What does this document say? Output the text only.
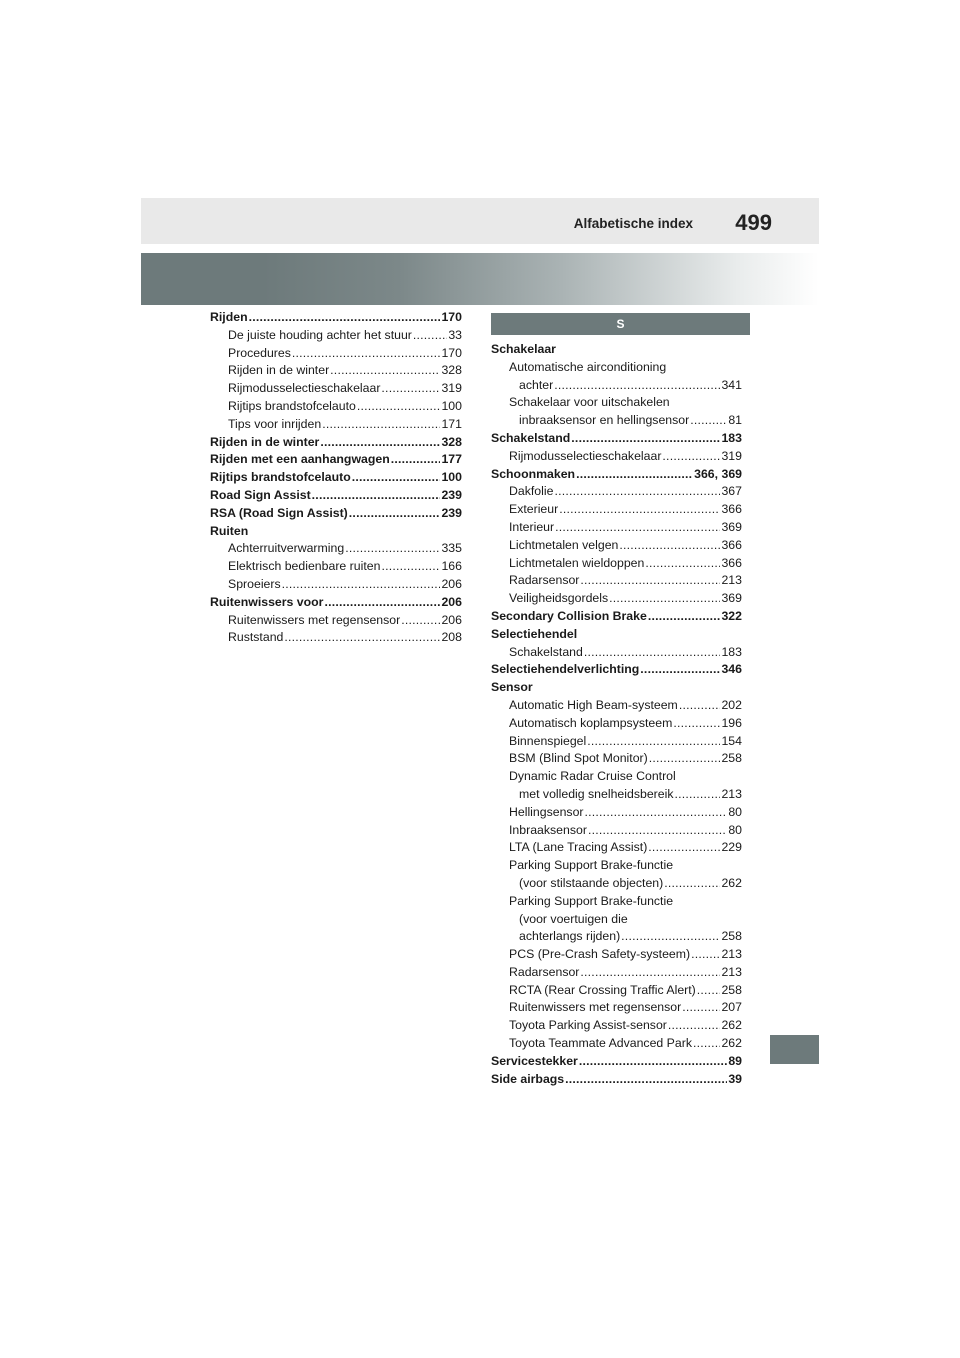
Alfabetische index 499
Rijden . . .	170
De juiste houding achter het stuur . . .	33
Procedures . . .	170
Rijden in de winter . . .	328
Rijmodusselectieschakelaar . . .	319
Rijtips brandstofcelauto . . .	100
Tips voor inrijden . . .	171
Rijden in de winter . . .	328
Rijden met een aanhangwagen . . .	177
Rijtips brandstofcelauto . . .	100
Road Sign Assist . . .	239
RSA (Road Sign Assist) . . .	239
Ruiten
Achterruitverwarming . . .	335
Elektrisch bedienbare ruiten . . .	166
Sproeiers . . .	206
Ruitenwissers voor . . .	206
Ruitenwissers met regensensor . . .	206
Ruststand . . .	208
S
Schakelaar
Automatische airconditioning
achter . . .	341
Schakelaar voor uitschakelen
inbraaksensor en hellingsensor . . .	81
Schakelstand . . .	183
Rijmodusselectieschakelaar . . .	319
Schoonmaken . . .	366, 369
Dakfolie . . .	367
Exterieur . . .	366
Interieur . . .	369
Lichtmetalen velgen . . .	366
Lichtmetalen wieldoppen . . .	366
Radarsensor . . .	213
Veiligheidsgordels . . .	369
Secondary Collision Brake . . .	322
Selectiehendel
Schakelstand . . .	183
Selectiehendelverlichting . . .	346
Sensor
Automatic High Beam-systeem . . .	202
Automatisch koplampsysteem . . .	196
Binnenspiegel . . .	154
BSM (Blind Spot Monitor) . . .	258
Dynamic Radar Cruise Control
met volledig snelheidsbereik . . .	213
Hellingsensor . . .	80
Inbraaksensor . . .	80
LTA (Lane Tracing Assist) . . .	229
Parking Support Brake-functie
(voor stilstaande objecten) . . .	262
Parking Support Brake-functie
(voor voertuigen die
achterlangs rijden) . . .	258
PCS (Pre-Crash Safety-systeem) . . .	213
Radarsensor . . .	213
RCTA (Rear Crossing Traffic Alert) . . . 258
Ruitenwissers met regensensor . . .	207
Toyota Parking Assist-sensor . . .	262
Toyota Teammate Advanced Park . . . 262
Servicestekker . . .	89
Side airbags . . .	39
